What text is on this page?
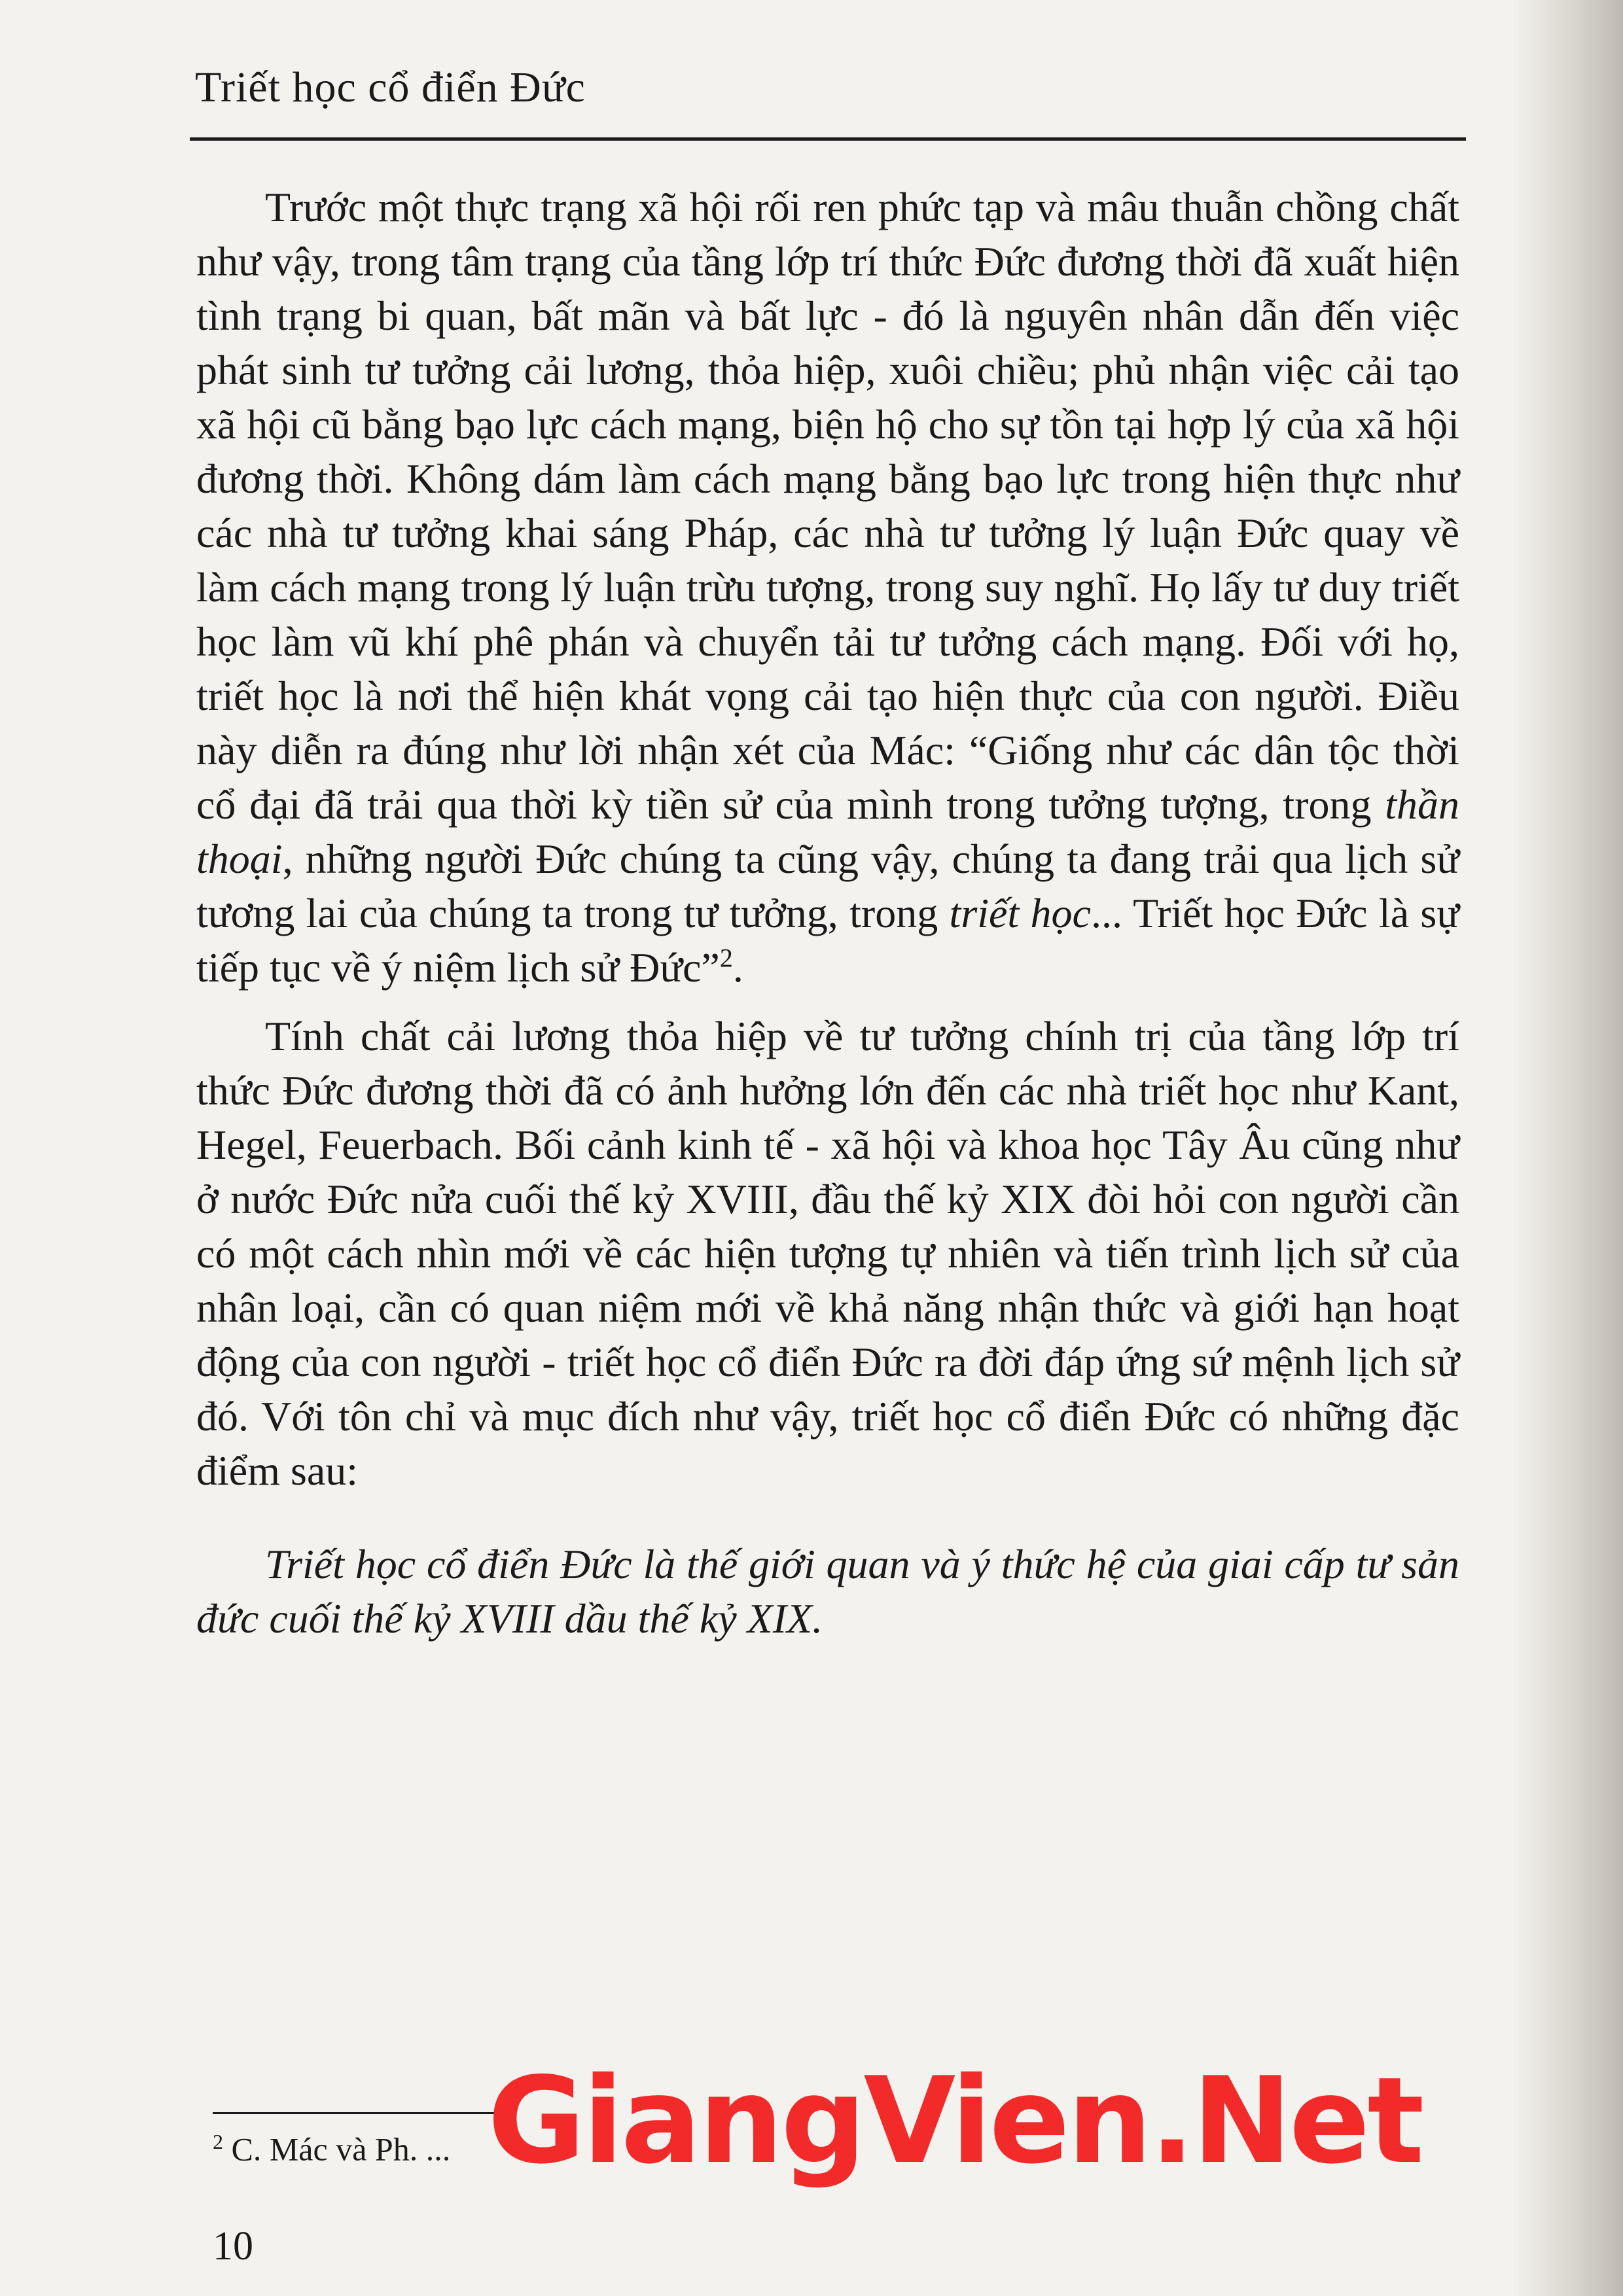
Triết học cổ điển Đức

Trước một thực trạng xã hội rối ren phức tạp và mâu thuẫn chồng chất như vậy, trong tâm trạng của tầng lớp trí thức Đức đương thời đã xuất hiện tình trạng bi quan, bất mãn và bất lực - đó là nguyên nhân dẫn đến việc phát sinh tư tưởng cải lương, thỏa hiệp, xuôi chiều; phủ nhận việc cải tạo xã hội cũ bằng bạo lực cách mạng, biện hộ cho sự tồn tại hợp lý của xã hội đương thời. Không dám làm cách mạng bằng bạo lực trong hiện thực như các nhà tư tưởng khai sáng Pháp, các nhà tư tưởng lý luận Đức quay về làm cách mạng trong lý luận trừu tượng, trong suy nghĩ. Họ lấy tư duy triết học làm vũ khí phê phán và chuyển tải tư tưởng cách mạng. Đối với họ, triết học là nơi thể hiện khát vọng cải tạo hiện thực của con người. Điều này diễn ra đúng như lời nhận xét của Mác: “Giống như các dân tộc thời cổ đại đã trải qua thời kỳ tiền sử của mình trong tưởng tượng, trong thần thoại, những người Đức chúng ta cũng vậy, chúng ta đang trải qua lịch sử tương lai của chúng ta trong tư tưởng, trong triết học... Triết học Đức là sự tiếp tục về ý niệm lịch sử Đức”$^2$.

Tính chất cải lương thỏa hiệp về tư tưởng chính trị của tầng lớp trí thức Đức đương thời đã có ảnh hưởng lớn đến các nhà triết học như Kant, Hegel, Feuerbach. Bối cảnh kinh tế - xã hội và khoa học Tây Âu cũng như ở nước Đức nửa cuối thế kỷ XVIII, đầu thế kỷ XIX đòi hỏi con người cần có một cách nhìn mới về các hiện tượng tự nhiên và tiến trình lịch sử của nhân loại, cần có quan niệm mới về khả năng nhận thức và giới hạn hoạt động của con người - triết học cổ điển Đức ra đời đáp ứng sứ mệnh lịch sử đó. Với tôn chỉ và mục đích như vậy, triết học cổ điển Đức có những đặc điểm sau:

Triết học cổ điển Đức là thế giới quan và ý thức hệ của giai cấp tư sản đức cuối thế kỷ XVIII dầu thế kỷ XIX.

$^2$ C. Mác và Ph. ... GiangVien.Net
10
